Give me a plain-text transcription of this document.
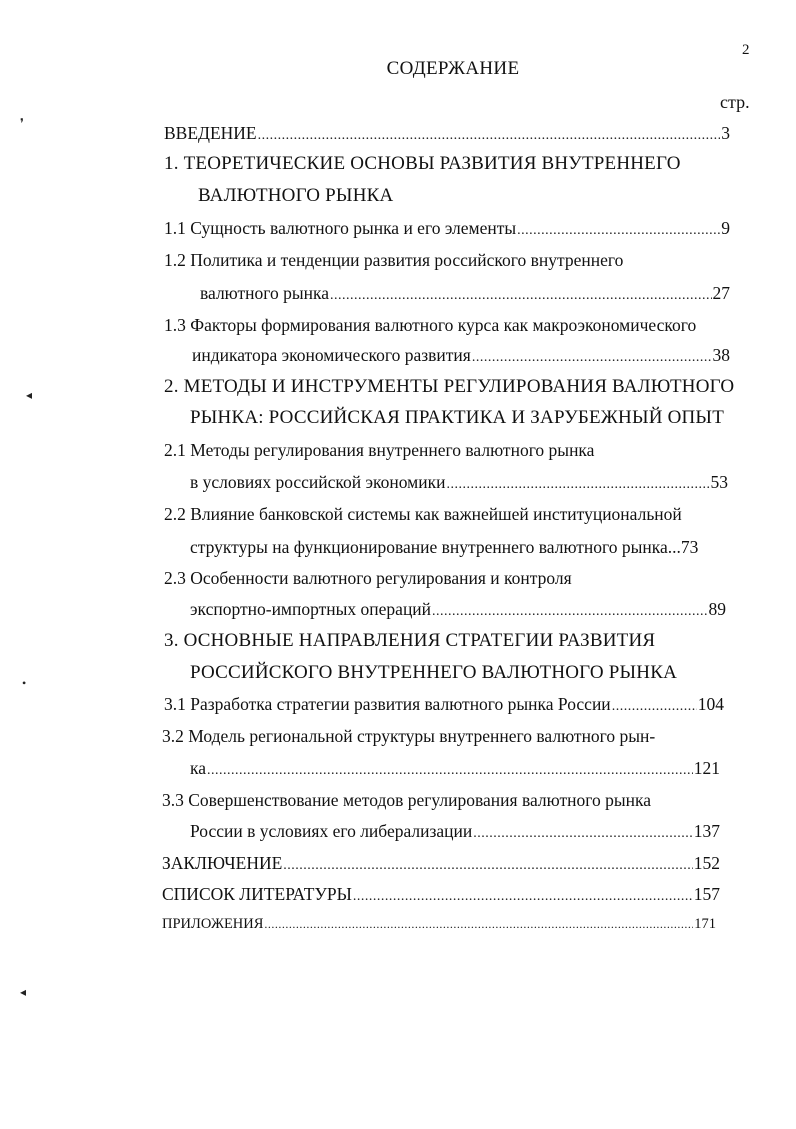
2
СОДЕРЖАНИЕ
стр.
❜
◂
•
◂
ВВЕДЕНИЕ .....	3
1. ТЕОРЕТИЧЕСКИЕ ОСНОВЫ РАЗВИТИЯ ВНУТРЕННЕГО
ВАЛЮТНОГО РЫНКА
1.1 Сущность валютного рынка и его элементы .....	9
1.2 Политика и тенденции развития российского внутреннего
валютного рынка .....	27
1.3 Факторы формирования валютного курса как макроэкономического
индикатора экономического развития .....	38
2. МЕТОДЫ И ИНСТРУМЕНТЫ РЕГУЛИРОВАНИЯ ВАЛЮТНОГО
РЫНКА: РОССИЙСКАЯ ПРАКТИКА И ЗАРУБЕЖНЫЙ ОПЫТ
2.1 Методы регулирования внутреннего валютного рынка
в условиях российской экономики .....	53
2.2 Влияние банковской системы как важнейшей институциональной
структуры на функционирование внутреннего валютного рынка...73
2.3 Особенности валютного регулирования и контроля
экспортно-импортных операций .....	89
3. ОСНОВНЫЕ НАПРАВЛЕНИЯ СТРАТЕГИИ РАЗВИТИЯ
РОССИЙСКОГО ВНУТРЕННЕГО ВАЛЮТНОГО РЫНКА
3.1 Разработка стратегии развития валютного рынка России .....	104
3.2 Модель региональной структуры внутреннего валютного рын-
ка .....	121
3.3 Совершенствование методов регулирования валютного рынка
России в условиях его либерализации .....	137
ЗАКЛЮЧЕНИЕ .....	152
СПИСОК ЛИТЕРАТУРЫ .....	157
ПРИЛОЖЕНИЯ .....	171
